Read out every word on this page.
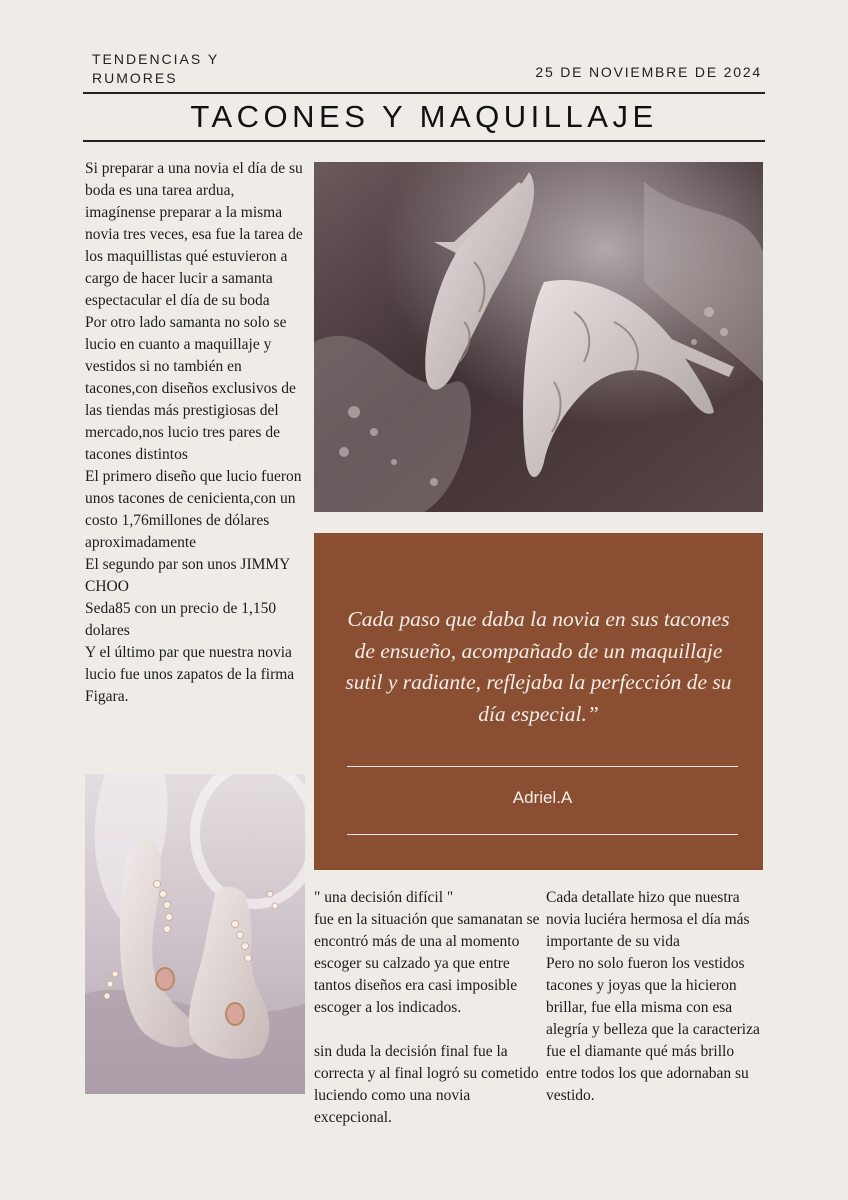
TENDENCIAS Y RUMORES	25 DE NOVIEMBRE DE 2024
TACONES Y MAQUILLAJE

Si preparar a una novia el día de su boda es una tarea ardua, imagínense preparar a la misma novia tres veces, esa fue la tarea de los maquillistas qué estuvieron a cargo de hacer lucir a samanta espectacular el día de su boda

Por otro lado samanta no solo se lucio en cuanto a maquillaje y vestidos si no también en tacones,con diseños exclusivos de las tiendas más prestigiosas del mercado,nos lucio tres pares de tacones distintos

El primero diseño que lucio fueron unos tacones de cenicienta,con un costo 1,76millones de dólares aproximadamente

El segundo par son unos JIMMY CHOO

Seda85 con un precio de 1,150 dolares

Y el último par que nuestra novia lucio fue unos zapatos de la firma Figara.

Cada paso que daba la novia en sus tacones de ensueño, acompañado de un maquillaje sutil y radiante, reflejaba la perfección de su día especial.”
Adriel.A

" una decisión difícil "

fue en la situación que samanatan se encontró más de una al momento escoger su calzado ya que entre tantos diseños era casi imposible escoger a los indicados.

sin duda la decisión final fue la correcta y al final logró su cometido luciendo como una novia excepcional.

Cada detallate hizo que nuestra novia luciéra hermosa el día más importante de su vida

Pero no solo fueron los vestidos tacones y joyas que la hicieron brillar, fue ella misma con esa alegría y belleza que la caracteriza fue el diamante qué más brillo entre todos los que adornaban su vestido.
